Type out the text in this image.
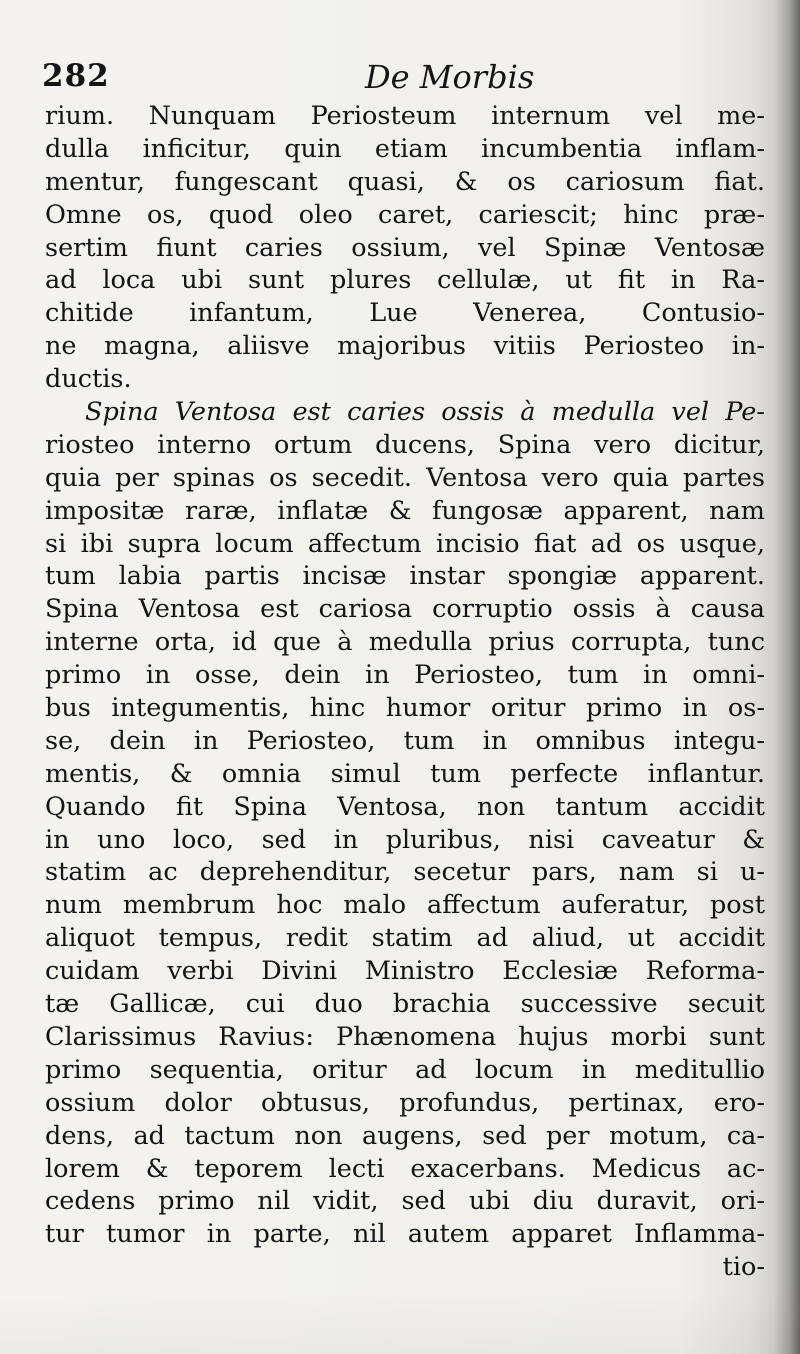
282	De Morbis
rium. Nunquam Periosteum internum vel me-
dulla inficitur, quin etiam incumbentia inflam-
mentur, fungescant quasi, & os cariosum fiat.
Omne os, quod oleo caret, cariescit; hinc præ-
sertim fiunt caries ossium, vel Spinæ Ventosæ
ad loca ubi sunt plures cellulæ, ut fit in Ra-
chitide infantum, Lue Venerea, Contusio-
ne magna, aliisve majoribus vitiis Periosteo in-
ductis.
Spina Ventosa est caries ossis à medulla vel Pe-
riosteo interno ortum ducens, Spina vero dicitur,
quia per spinas os secedit. Ventosa vero quia partes
impositæ raræ, inflatæ & fungosæ apparent, nam
si ibi supra locum affectum incisio fiat ad os usque,
tum labia partis incisæ instar spongiæ apparent.
Spina Ventosa est cariosa corruptio ossis à causa
interne orta, id que à medulla prius corrupta, tunc
primo in osse, dein in Periosteo, tum in omni-
bus integumentis, hinc humor oritur primo in os-
se, dein in Periosteo, tum in omnibus integu-
mentis, & omnia simul tum perfecte inflantur.
Quando fit Spina Ventosa, non tantum accidit
in uno loco, sed in pluribus, nisi caveatur &
statim ac deprehenditur, secetur pars, nam si u-
num membrum hoc malo affectum auferatur, post
aliquot tempus, redit statim ad aliud, ut accidit
cuidam verbi Divini Ministro Ecclesiæ Reforma-
tæ Gallicæ, cui duo brachia successive secuit
Clarissimus Ravius: Phænomena hujus morbi sunt
primo sequentia, oritur ad locum in meditullio
ossium dolor obtusus, profundus, pertinax, ero-
dens, ad tactum non augens, sed per motum, ca-
lorem & teporem lecti exacerbans. Medicus ac-
cedens primo nil vidit, sed ubi diu duravit, ori-
tur tumor in parte, nil autem apparet Inflamma-
tio-
